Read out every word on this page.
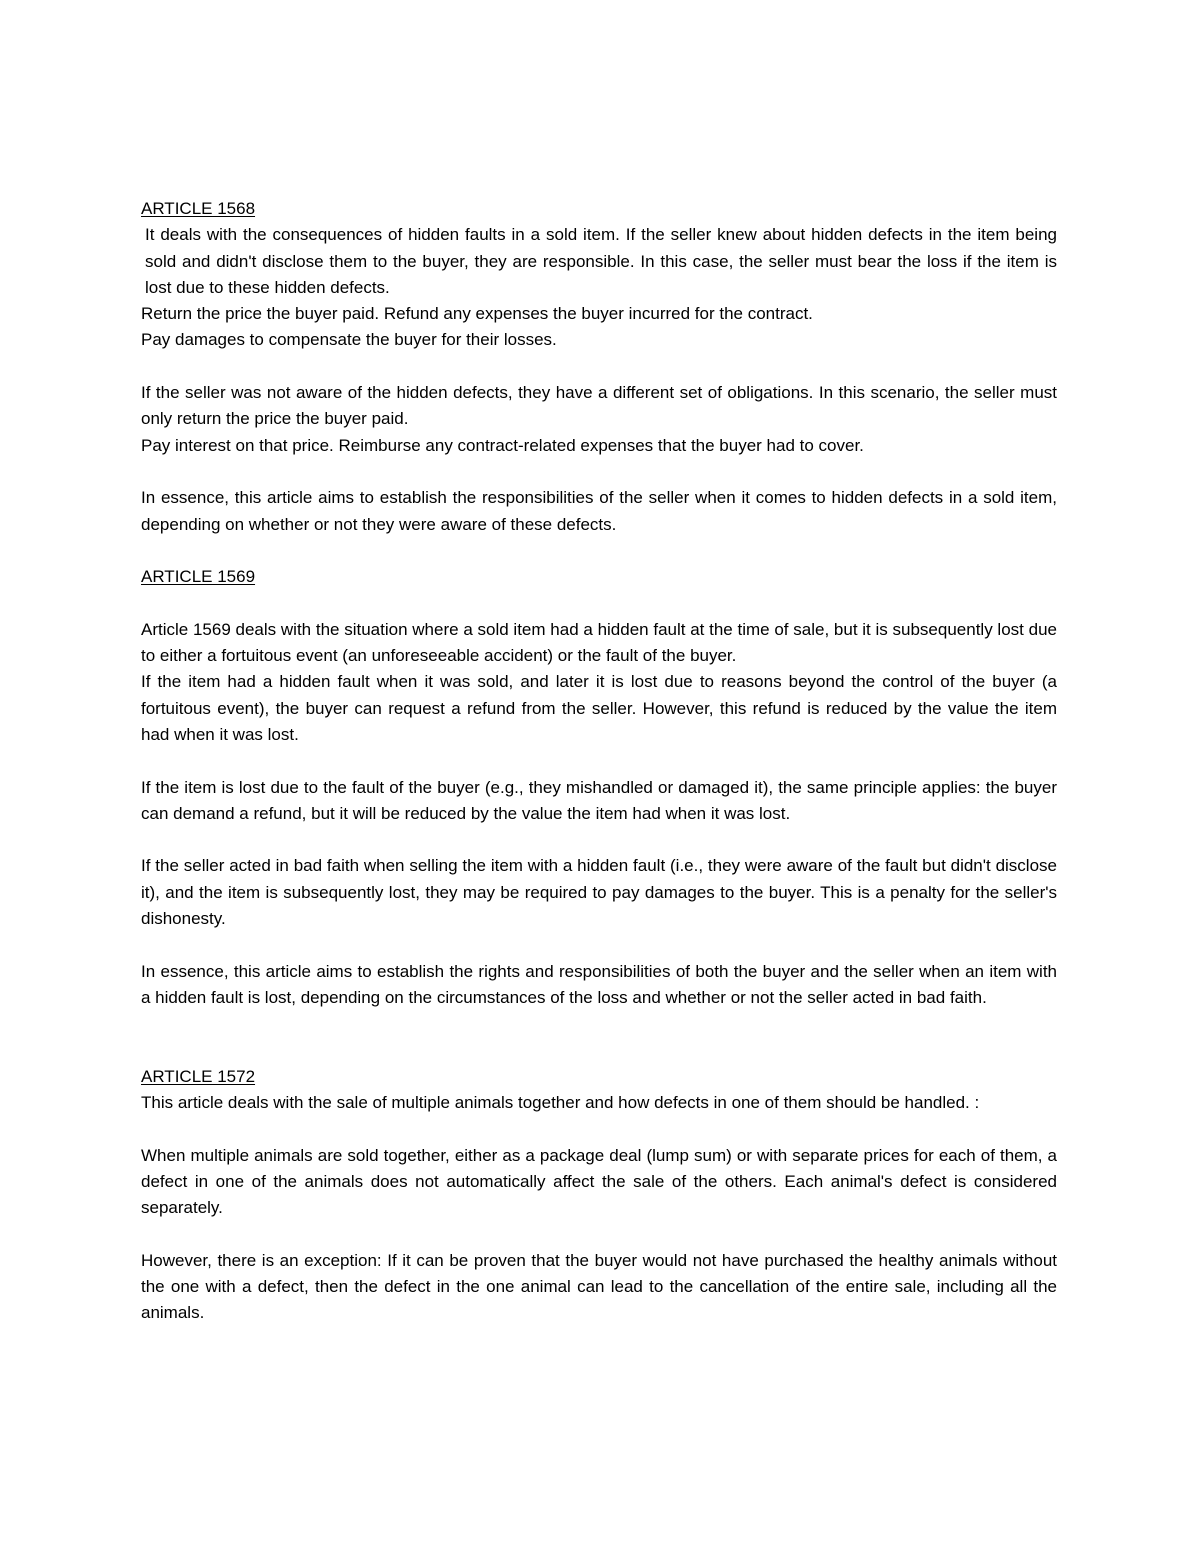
ARTICLE 1568

It deals with the consequences of hidden faults in a sold item. If the seller knew about hidden defects in the item being sold and didn't disclose them to the buyer, they are responsible. In this case, the seller must bear the loss if the item is lost due to these hidden defects.

Return the price the buyer paid. Refund any expenses the buyer incurred for the contract.

Pay damages to compensate the buyer for their losses.

If the seller was not aware of the hidden defects, they have a different set of obligations. In this scenario, the seller must only return the price the buyer paid.

Pay interest on that price. Reimburse any contract-related expenses that the buyer had to cover.

In essence, this article aims to establish the responsibilities of the seller when it comes to hidden defects in a sold item, depending on whether or not they were aware of these defects.

ARTICLE 1569

Article 1569 deals with the situation where a sold item had a hidden fault at the time of sale, but it is subsequently lost due to either a fortuitous event (an unforeseeable accident) or the fault of the buyer.

If the item had a hidden fault when it was sold, and later it is lost due to reasons beyond the control of the buyer (a fortuitous event), the buyer can request a refund from the seller. However, this refund is reduced by the value the item had when it was lost.

If the item is lost due to the fault of the buyer (e.g., they mishandled or damaged it), the same principle applies: the buyer can demand a refund, but it will be reduced by the value the item had when it was lost.

If the seller acted in bad faith when selling the item with a hidden fault (i.e., they were aware of the fault but didn't disclose it), and the item is subsequently lost, they may be required to pay damages to the buyer. This is a penalty for the seller's dishonesty.

In essence, this article aims to establish the rights and responsibilities of both the buyer and the seller when an item with a hidden fault is lost, depending on the circumstances of the loss and whether or not the seller acted in bad faith.

ARTICLE 1572

This article deals with the sale of multiple animals together and how defects in one of them should be handled. :

When multiple animals are sold together, either as a package deal (lump sum) or with separate prices for each of them, a defect in one of the animals does not automatically affect the sale of the others. Each animal's defect is considered separately.

However, there is an exception: If it can be proven that the buyer would not have purchased the healthy animals without the one with a defect, then the defect in the one animal can lead to the cancellation of the entire sale, including all the animals.
